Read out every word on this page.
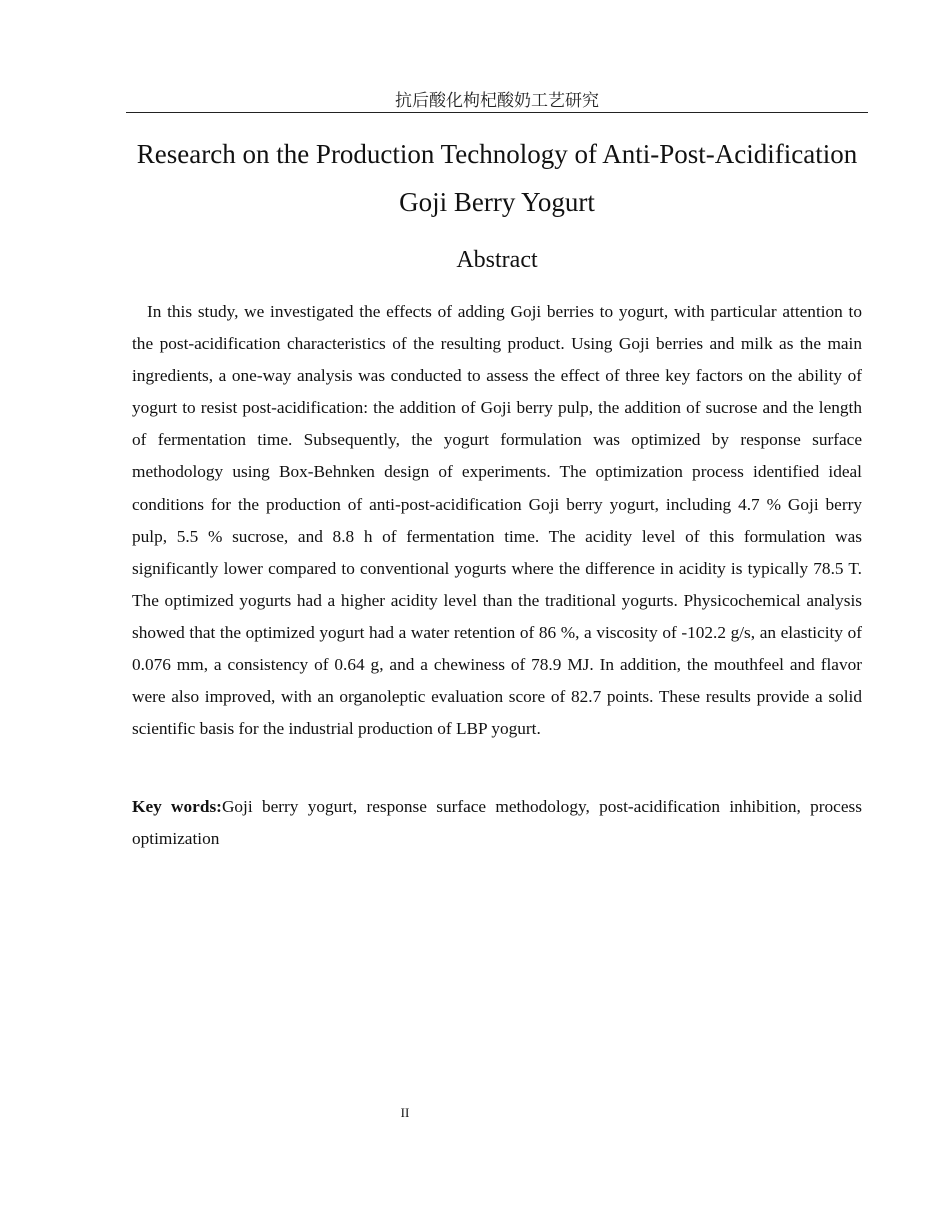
抗后酸化枸杞酸奶工艺研究
Research on the Production Technology of Anti-Post-Acidification Goji Berry Yogurt
Abstract

In this study, we investigated the effects of adding Goji berries to yogurt, with particular attention to the post-acidification characteristics of the resulting product. Using Goji berries and milk as the main ingredients, a one-way analysis was conducted to assess the effect of three key factors on the ability of yogurt to resist post-acidification: the addition of Goji berry pulp, the addition of sucrose and the length of fermentation time. Subsequently, the yogurt formulation was optimized by response surface methodology using Box-Behnken design of experiments. The optimization process identified ideal conditions for the production of anti-post-acidification Goji berry yogurt, including 4.7 % Goji berry pulp, 5.5 % sucrose, and 8.8 h of fermentation time. The acidity level of this formulation was significantly lower compared to conventional yogurts where the difference in acidity is typically 78.5 T. The optimized yogurts had a higher acidity level than the traditional yogurts. Physicochemical analysis showed that the optimized yogurt had a water retention of 86 %, a viscosity of -102.2 g/s, an elasticity of 0.076 mm, a consistency of 0.64 g, and a chewiness of 78.9 MJ. In addition, the mouthfeel and flavor were also improved, with an organoleptic evaluation score of 82.7 points. These results provide a solid scientific basis for the industrial production of LBP yogurt.

Key words:Goji berry yogurt, response surface methodology, post-acidification inhibition, process optimization

II
